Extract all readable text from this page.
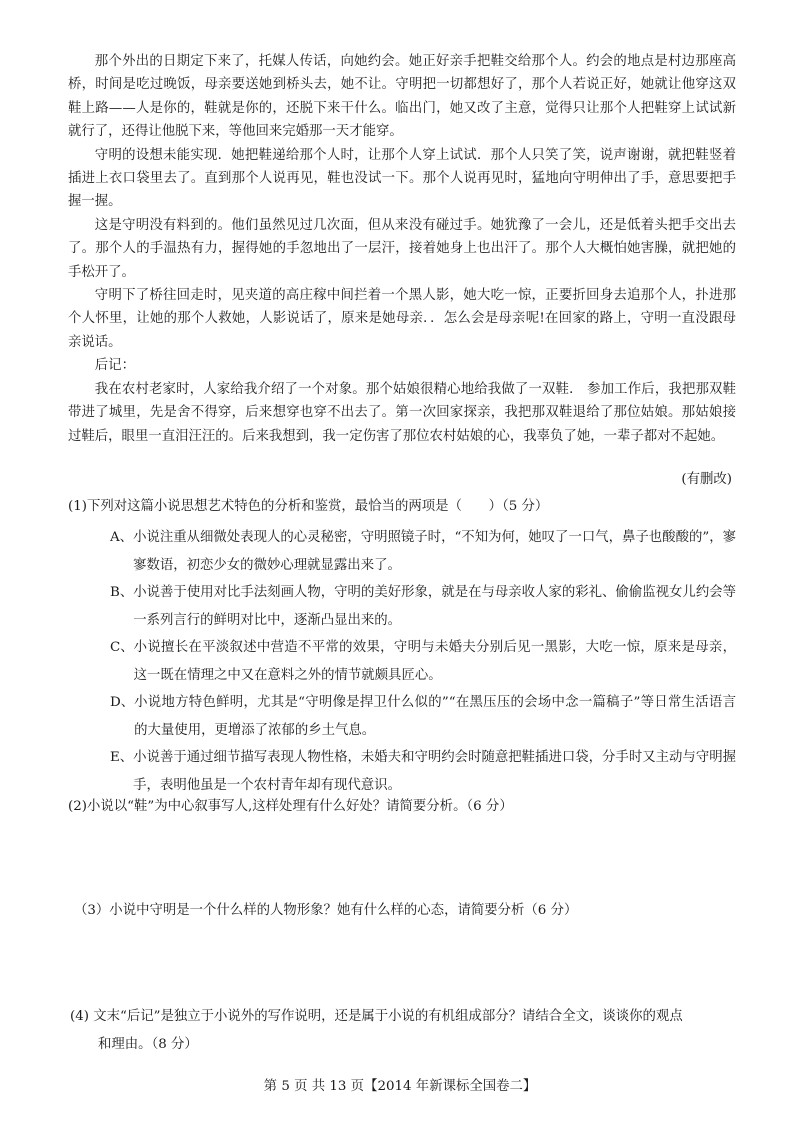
那个外出的日期定下来了，托媒人传话，向她约会。她正好亲手把鞋交给那个人。约会的地点是村边那座高桥，时间是吃过晚饭，母亲要送她到桥头去，她不让。守明把一切都想好了，那个人若说正好，她就让他穿这双鞋上路——人是你的，鞋就是你的，还脱下来干什么。临出门，她又改了主意，觉得只让那个人把鞋穿上试试新就行了，还得让他脱下来，等他回来完婚那一天才能穿。

守明的设想未能实现．她把鞋递给那个人时，让那个人穿上试试．那个人只笑了笑，说声谢谢，就把鞋竖着插进上衣口袋里去了。直到那个人说再见，鞋也没试一下。那个人说再见时，猛地向守明伸出了手，意思要把手握一握。

这是守明没有料到的。他们虽然见过几次面，但从来没有碰过手。她犹豫了一会儿，还是低着头把手交出去了。那个人的手温热有力，握得她的手忽地出了一层汗，接着她身上也出汗了。那个人大概怕她害臊，就把她的手松开了。

守明下了桥往回走时，见夹道的高庄稼中间拦着一个黑人影，她大吃一惊，正要折回身去追那个人，扑进那个人怀里，让她的那个人救她，人影说话了，原来是她母亲．．怎么会是母亲呢!在回家的路上，守明一直没跟母亲说话。

后记：

我在农村老家时，人家给我介绍了一个对象。那个姑娘很精心地给我做了一双鞋． 参加工作后，我把那双鞋带进了城里，先是舍不得穿，后来想穿也穿不出去了。第一次回家探亲，我把那双鞋退给了那位姑娘。那姑娘接过鞋后，眼里一直泪汪汪的。后来我想到，我一定伤害了那位农村姑娘的心，我辜负了她，一辈子都对不起她。

(有删改)
(1)下列对这篇小说思想艺术特色的分析和鉴赏，最恰当的两项是（　　）（5 分）

A、 小说注重从细微处表现人的心灵秘密，守明照镜子时，“不知为何，她叹了一口气，鼻子也酸酸的”，寥寥数语，初恋少女的微妙心理就显露出来了。

B、 小说善于使用对比手法刻画人物，守明的美好形象，就是在与母亲收人家的彩礼、偷偷监视女儿约会等一系列言行的鲜明对比中，逐渐凸显出来的。

C、 小说擅长在平淡叙述中营造不平常的效果，守明与未婚夫分别后见一黑影，大吃一惊，原来是母亲，这一既在情理之中又在意料之外的情节就颇具匠心。

D、 小说地方特色鲜明，尤其是“守明像是捍卫什么似的”“在黑压压的会场中念一篇稿子”等日常生活语言的大量使用，更增添了浓郁的乡土气息。

E、 小说善于通过细节描写表现人物性格，未婚夫和守明约会时随意把鞋插进口袋，分手时又主动与守明握手，表明他虽是一个农村青年却有现代意识。

(2)小说以“鞋”为中心叙事写人,这样处理有什么好处？请简要分析。（6 分）
（3）小说中守明是一个什么样的人物形象？她有什么样的心态，请简要分析（6 分）
(4) 文末“后记”是独立于小说外的写作说明，还是属于小说的有机组成部分？请结合全文，谈谈你的观点
和理由。（8 分）
第 5 页 共 13 页【2014 年新课标全国卷二】
